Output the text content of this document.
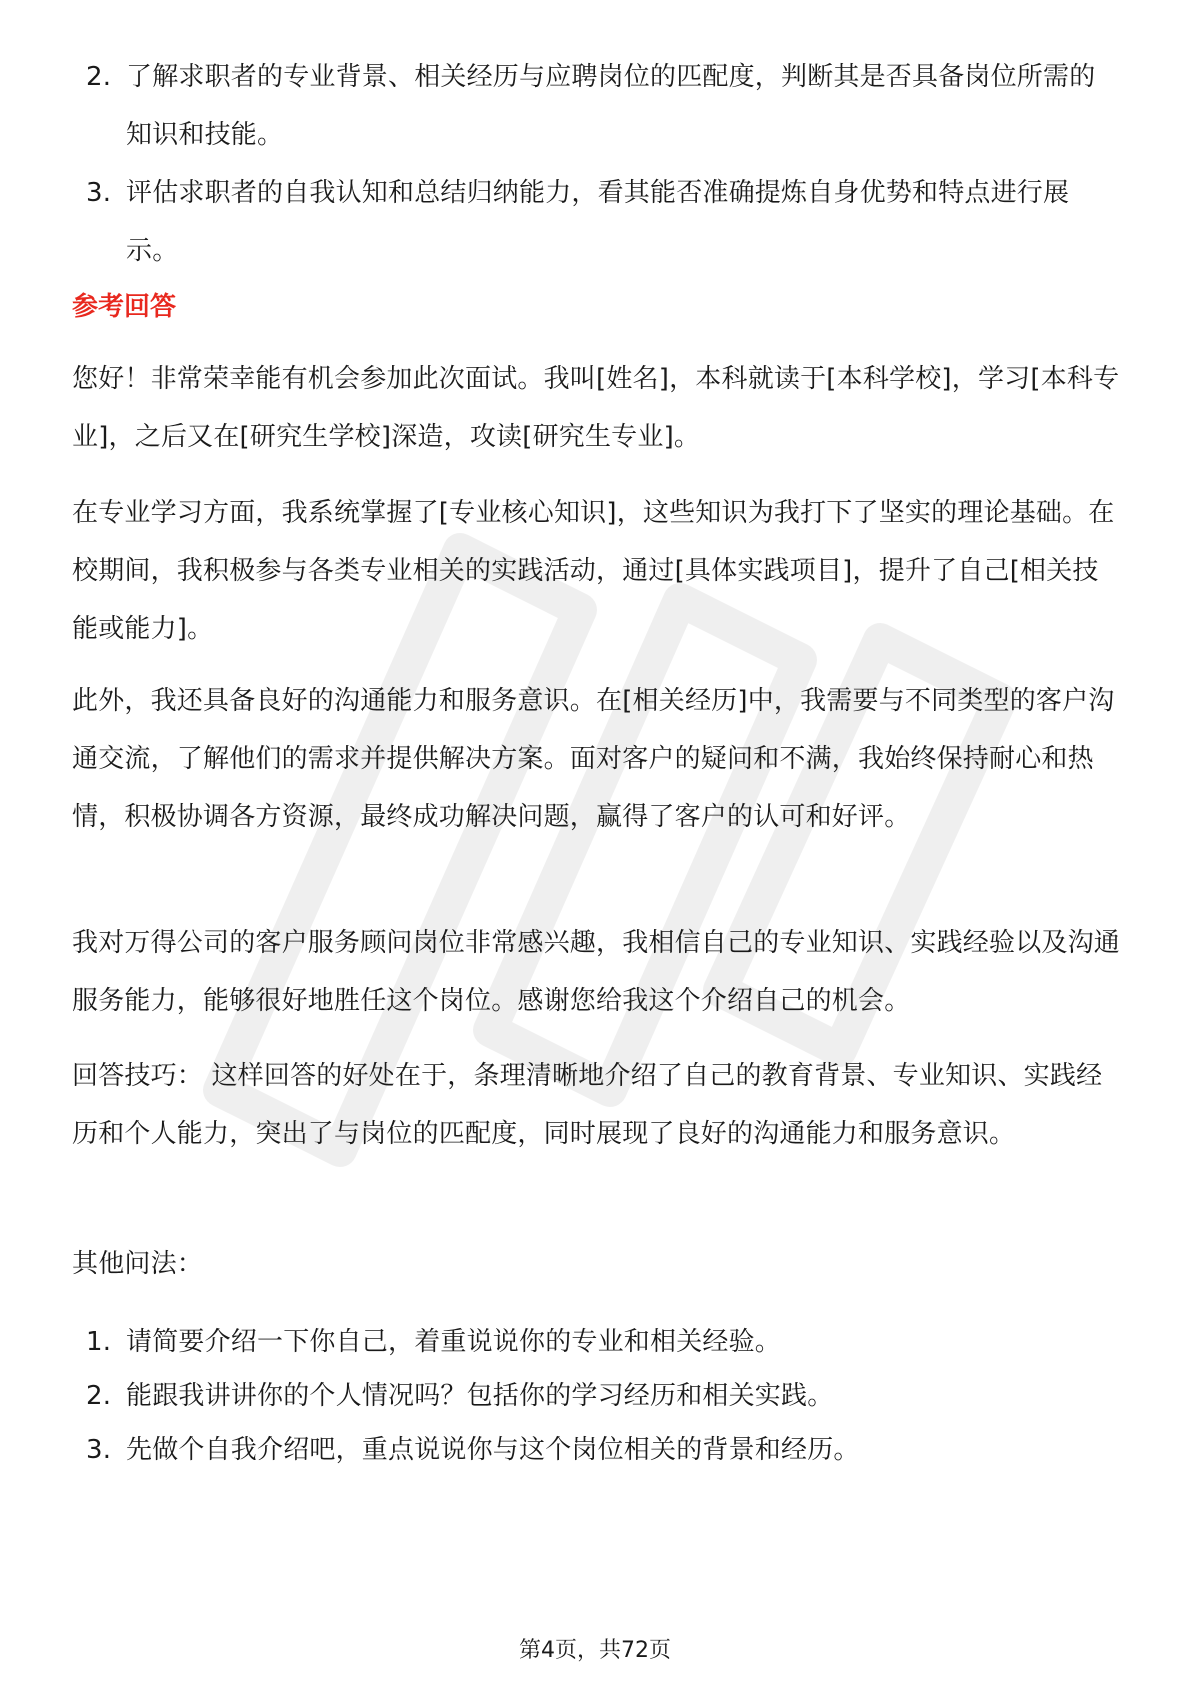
2. 了解求职者的专业背景、相关经历与应聘岗位的匹配度，判断其是否具备岗位所需的知识和技能。
3. 评估求职者的自我认知和总结归纳能力，看其能否准确提炼自身优势和特点进行展示。
参考回答

您好！非常荣幸能有机会参加此次面试。我叫[姓名]，本科就读于[本科学校]，学习[本科专业]，之后又在[研究生学校]深造，攻读[研究生专业]。

在专业学习方面，我系统掌握了[专业核心知识]，这些知识为我打下了坚实的理论基础。在校期间，我积极参与各类专业相关的实践活动，通过[具体实践项目]，提升了自己[相关技能或能力]。

此外，我还具备良好的沟通能力和服务意识。在[相关经历]中，我需要与不同类型的客户沟通交流，了解他们的需求并提供解决方案。面对客户的疑问和不满，我始终保持耐心和热情，积极协调各方资源，最终成功解决问题，赢得了客户的认可和好评。

我对万得公司的客户服务顾问岗位非常感兴趣，我相信自己的专业知识、实践经验以及沟通服务能力，能够很好地胜任这个岗位。感谢您给我这个介绍自己的机会。

回答技巧： 这样回答的好处在于，条理清晰地介绍了自己的教育背景、专业知识、实践经历和个人能力，突出了与岗位的匹配度，同时展现了良好的沟通能力和服务意识。

其他问法：

1. 请简要介绍一下你自己，着重说说你的专业和相关经验。
2. 能跟我讲讲你的个人情况吗？包括你的学习经历和相关实践。
3. 先做个自我介绍吧，重点说说你与这个岗位相关的背景和经历。
第4页，共72页
